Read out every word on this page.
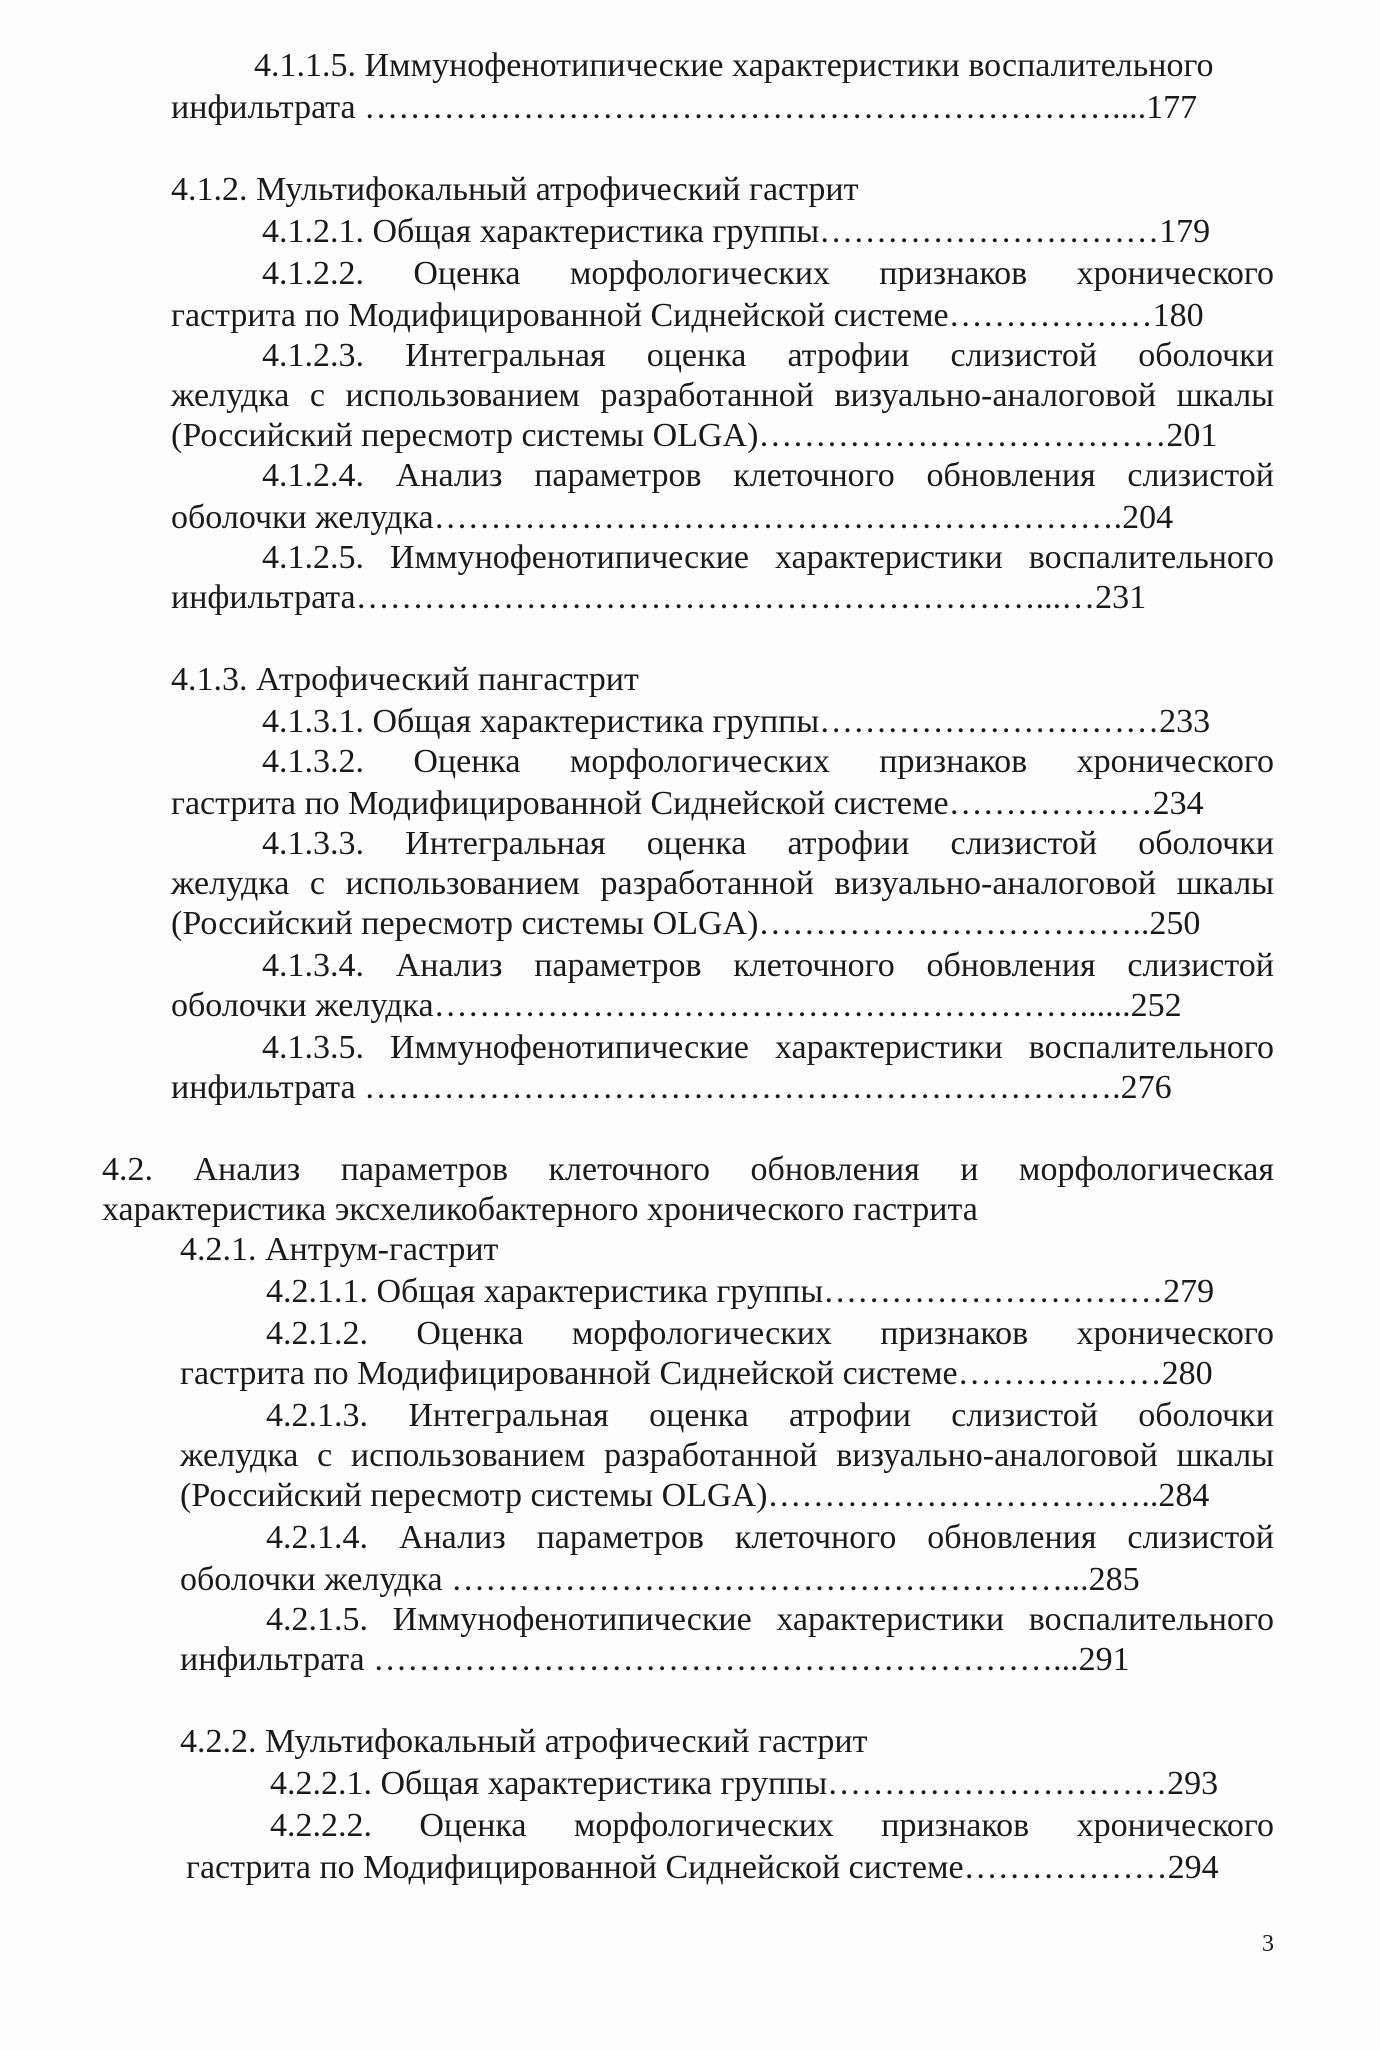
4.1.1.5. Иммунофенотипические характеристики воспалительного
инфильтрата …………………………………………………………....177
4.1.2. Мультифокальный атрофический гастрит
4.1.2.1. Общая характеристика группы…………………………179
4.1.2.2. Оценка морфологических признаков хронического
гастрита по Модифицированной Сиднейской системе………………180
4.1.2.3. Интегральная оценка атрофии слизистой оболочки
желудка с использованием разработанной визуально-аналоговой шкалы
(Российский пересмотр системы OLGA)………………………………201
4.1.2.4. Анализ параметров клеточного обновления слизистой
оболочки желудка…………………………………………………….204
4.1.2.5. Иммунофенотипические характеристики воспалительного
инфильтрата……………………………………………………...…231
4.1.3. Атрофический пангастрит
4.1.3.1. Общая характеристика группы…………………………233
4.1.3.2. Оценка морфологических признаков хронического
гастрита по Модифицированной Сиднейской системе………………234
4.1.3.3. Интегральная оценка атрофии слизистой оболочки
желудка с использованием разработанной визуально-аналоговой шкалы
(Российский пересмотр системы OLGA)……………………………..250
4.1.3.4. Анализ параметров клеточного обновления слизистой
оболочки желудка…………………………………………………......252
4.1.3.5. Иммунофенотипические характеристики воспалительного
инфильтрата ………………………………………………………….276
4.2. Анализ параметров клеточного обновления и морфологическая
характеристика эксхеликобактерного хронического гастрита
4.2.1. Антрум-гастрит
4.2.1.1. Общая характеристика группы…………………………279
4.2.1.2. Оценка морфологических признаков хронического
гастрита по Модифицированной Сиднейской системе………………280
4.2.1.3. Интегральная оценка атрофии слизистой оболочки
желудка с использованием разработанной визуально-аналоговой шкалы
(Российский пересмотр системы OLGA)……………………………..284
4.2.1.4. Анализ параметров клеточного обновления слизистой
оболочки желудка ………………………………………………...285
4.2.1.5. Иммунофенотипические характеристики воспалительного
инфильтрата ……………………………………………………...291
4.2.2. Мультифокальный атрофический гастрит
4.2.2.1. Общая характеристика группы…………………………293
4.2.2.2. Оценка морфологических признаков хронического
гастрита по Модифицированной Сиднейской системе………………294
3
